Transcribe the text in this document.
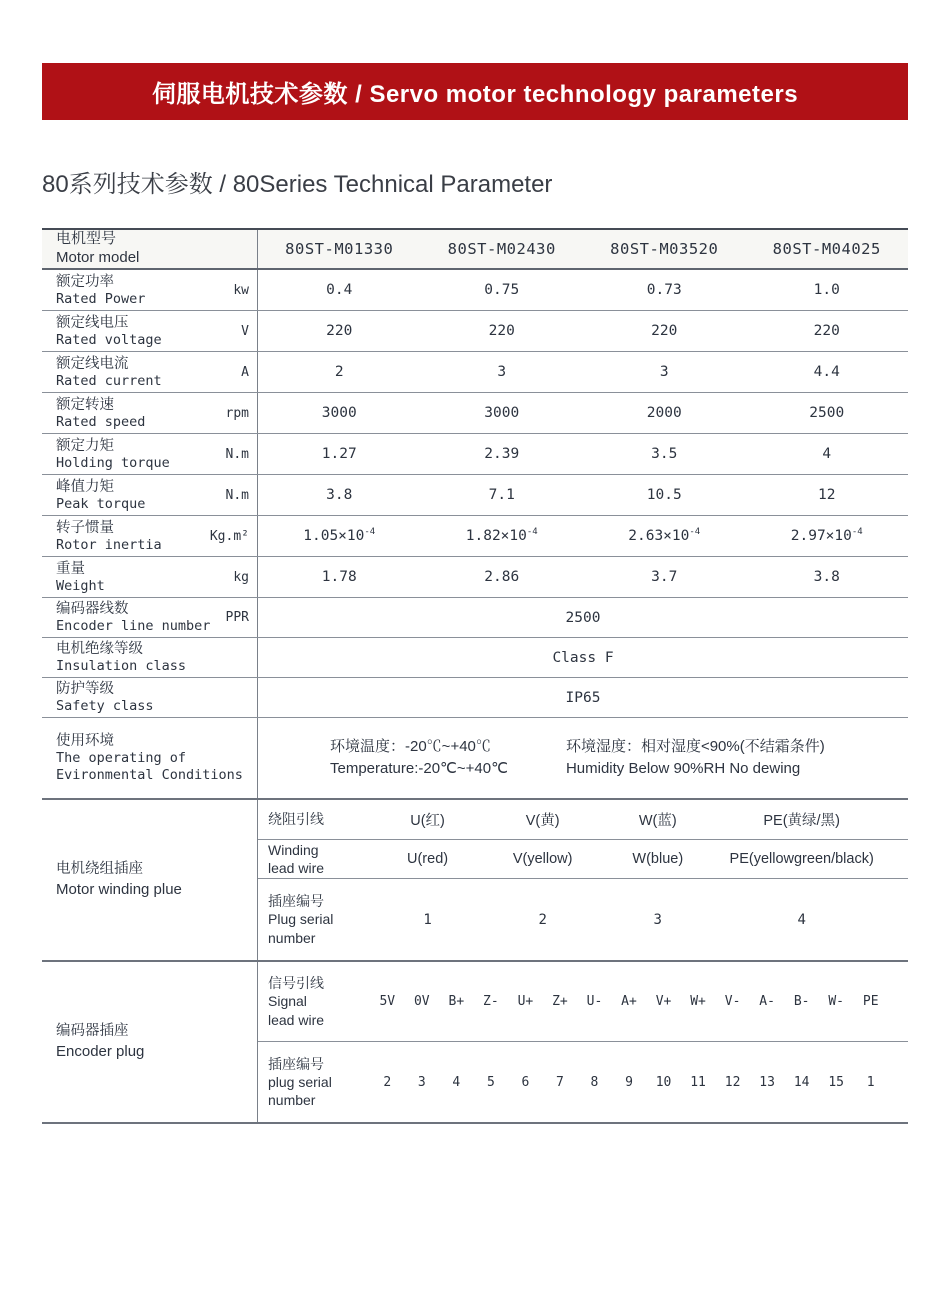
伺服电机技术参数 / Servo motor technology parameters
80系列技术参数 / 80Series Technical Parameter
电机型号
Motor model	80ST-M01330	80ST-M02430	80ST-M03520	80ST-M04025
额定功率
Rated Power
kw	0.4	0.75	0.73	1.0
额定线电压
Rated voltage
V	220	220	220	220
额定线电流
Rated current
A	2	3	3	4.4
额定转速
Rated speed
rpm	3000	3000	2000	2500
额定力矩
Holding torque
N.m	1.27	2.39	3.5	4
峰值力矩
Peak torque
N.m	3.8	7.1	10.5	12
转子惯量
Rotor inertia
Kg.m²	$1.05\times 10^{-4}$	$1.82\times 10^{-4}$	$2.63\times 10^{-4}$	$2.97\times 10^{-4}$
重量
Weight
kg	1.78	2.86	3.7	3.8
编码器线数
Encoder line number
PPR	2500
电机绝缘等级
Insulation class
Class F
防护等级
Safety class
IP65
使用环境
The operating of
Evironmental Conditions
环境温度：-20℃~+40℃
Temperature:-20℃~+40℃
环境湿度：相对湿度<90%(不结霜条件)
Humidity Below 90%RH No dewing
电机绕组插座
Motor winding plue
绕阻引线	U(红)	V(黄)	W(蓝)	PE(黄绿/黑)
Winding
lead wire
U(red)	V(yellow)	W(blue)	PE(yellowgreen/black)
插座编号
Plug serial
number
1	2	3	4
编码器插座
Encoder plug
信号引线
Signal
lead wire
5V	0V	B+	Z-	U+	Z+	U-	A+	V+	W+	V-	A-	B-	W-	PE
插座编号
plug serial
number
2	3	4	5	6	7	8	9	10	11	12	13	14	15	1
